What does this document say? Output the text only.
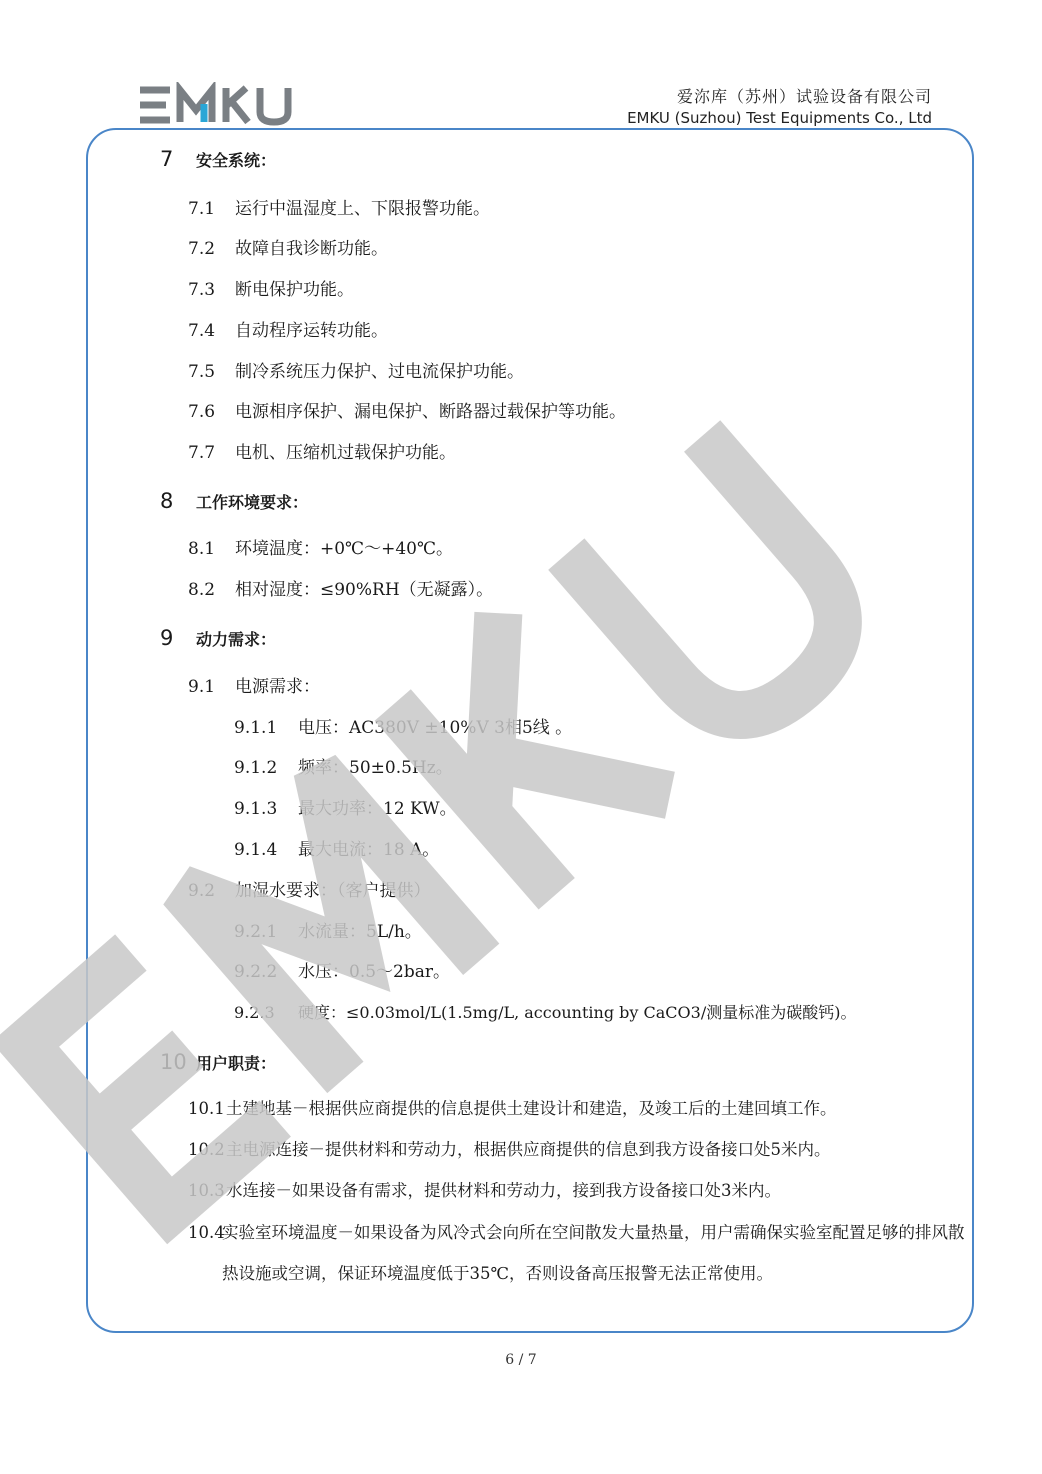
爱沵库（苏州）试验设备有限公司
EMKU (Suzhou) Test Equipments Co., Ltd
7 安全系统：
7.1 运行中温湿度上、下限报警功能。
7.2 故障自我诊断功能。
7.3 断电保护功能。
7.4 自动程序运转功能。
7.5 制冷系统压力保护、过电流保护功能。
7.6 电源相序保护、漏电保护、断路器过载保护等功能。
7.7 电机、压缩机过载保护功能。
8 工作环境要求：
8.1 环境温度：+0℃～+40℃。
8.2 相对湿度：≤90%RH（无凝露）。
9 动力需求：
9.1 电源需求：
9.1.1 电压：AC380V ±10%V 3相5线 。
9.1.2 频率：50±0.5Hz。
9.1.3 最大功率：12 KW。
9.1.4 最大电流：18 A。
9.2 加湿水要求：（客户提供）
9.2.1 水流量：5L/h。
9.2.2 水压：0.5～2bar。
9.2.3 硬度：≤0.03mol/L(1.5mg/L, accounting by CaCO3/测量标准为碳酸钙)。
10 用户职责：
10.1土建地基－根据供应商提供的信息提供土建设计和建造，及竣工后的土建回填工作。
10.2主电源连接－提供材料和劳动力，根据供应商提供的信息到我方设备接口处5米内。
10.3水连接－如果设备有需求，提供材料和劳动力，接到我方设备接口处3米内。
10.4实验室环境温度－如果设备为风冷式会向所在空间散发大量热量，用户需确保实验室配置足够的排风散热设施或空调，保证环境温度低于35℃，否则设备高压报警无法正常使用。
6 / 7
